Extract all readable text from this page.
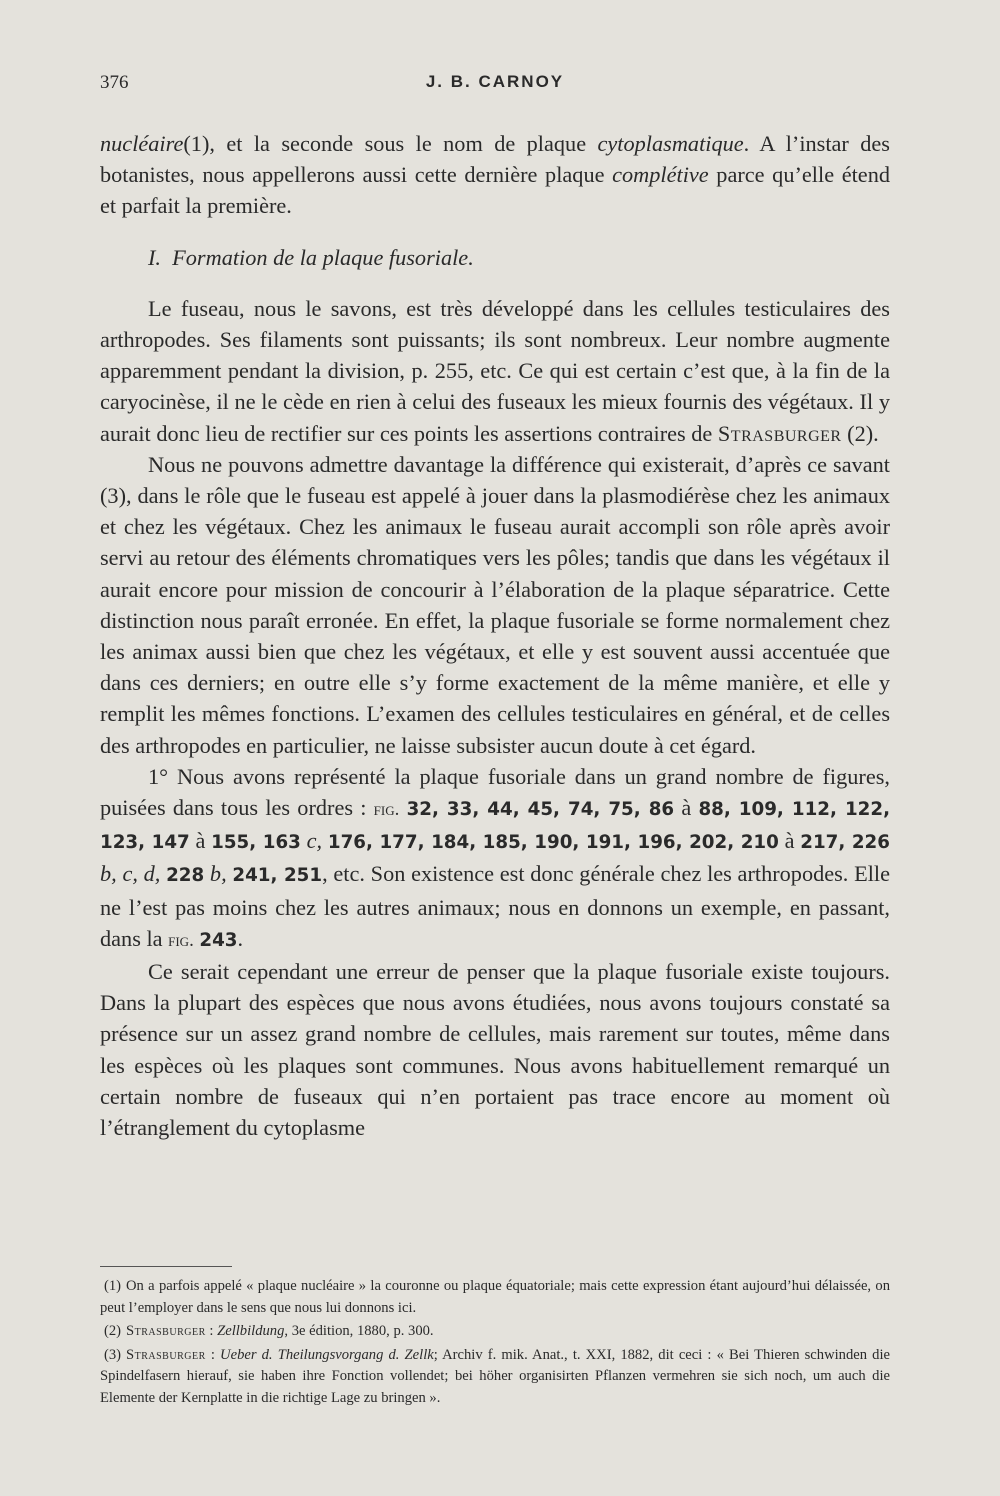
376	J. B. CARNOY

nucléaire(1), et la seconde sous le nom de plaque cytoplasmatique. A l’instar des botanistes, nous appellerons aussi cette dernière plaque complétive parce qu’elle étend et parfait la première.

I. Formation de la plaque fusoriale.

Le fuseau, nous le savons, est très développé dans les cellules testiculaires des arthropodes. Ses filaments sont puissants; ils sont nombreux. Leur nombre augmente apparemment pendant la division, p. 255, etc. Ce qui est certain c’est que, à la fin de la caryocinèse, il ne le cède en rien à celui des fuseaux les mieux fournis des végétaux. Il y aurait donc lieu de rectifier sur ces points les assertions contraires de Strasburger (2).

Nous ne pouvons admettre davantage la différence qui existerait, d’après ce savant (3), dans le rôle que le fuseau est appelé à jouer dans la plasmodiérèse chez les animaux et chez les végétaux. Chez les animaux le fuseau aurait accompli son rôle après avoir servi au retour des éléments chromatiques vers les pôles; tandis que dans les végétaux il aurait encore pour mission de concourir à l’élaboration de la plaque séparatrice. Cette distinction nous paraît erronée. En effet, la plaque fusoriale se forme normalement chez les animax aussi bien que chez les végétaux, et elle y est souvent aussi accentuée que dans ces derniers; en outre elle s’y forme exactement de la même manière, et elle y remplit les mêmes fonctions. L’examen des cellules testiculaires en général, et de celles des arthropodes en particulier, ne laisse subsister aucun doute à cet égard.

1° Nous avons représenté la plaque fusoriale dans un grand nombre de figures, puisées dans tous les ordres : fig. 32, 33, 44, 45, 74, 75, 86 à 88, 109, 112, 122, 123, 147 à 155, 163 c, 176, 177, 184, 185, 190, 191, 196, 202, 210 à 217, 226 b, c, d, 228 b, 241, 251, etc. Son existence est donc générale chez les arthropodes. Elle ne l’est pas moins chez les autres animaux; nous en donnons un exemple, en passant, dans la fig. 243.

Ce serait cependant une erreur de penser que la plaque fusoriale existe toujours. Dans la plupart des espèces que nous avons étudiées, nous avons toujours constaté sa présence sur un assez grand nombre de cellules, mais rarement sur toutes, même dans les espèces où les plaques sont communes. Nous avons habituellement remarqué un certain nombre de fuseaux qui n’en portaient pas trace encore au moment où l’étranglement du cytoplasme

(1) On a parfois appelé « plaque nucléaire » la couronne ou plaque équatoriale; mais cette expression étant aujourd’hui délaissée, on peut l’employer dans le sens que nous lui donnons ici.

(2) Strasburger : Zellbildung, 3e édition, 1880, p. 300.

(3) Strasburger : Ueber d. Theilungsvorgang d. Zellk; Archiv f. mik. Anat., t. XXI, 1882, dit ceci : « Bei Thieren schwinden die Spindelfasern hierauf, sie haben ihre Fonction vollendet; bei höher organisirten Pflanzen vermehren sie sich noch, um auch die Elemente der Kernplatte in die richtige Lage zu bringen ».
